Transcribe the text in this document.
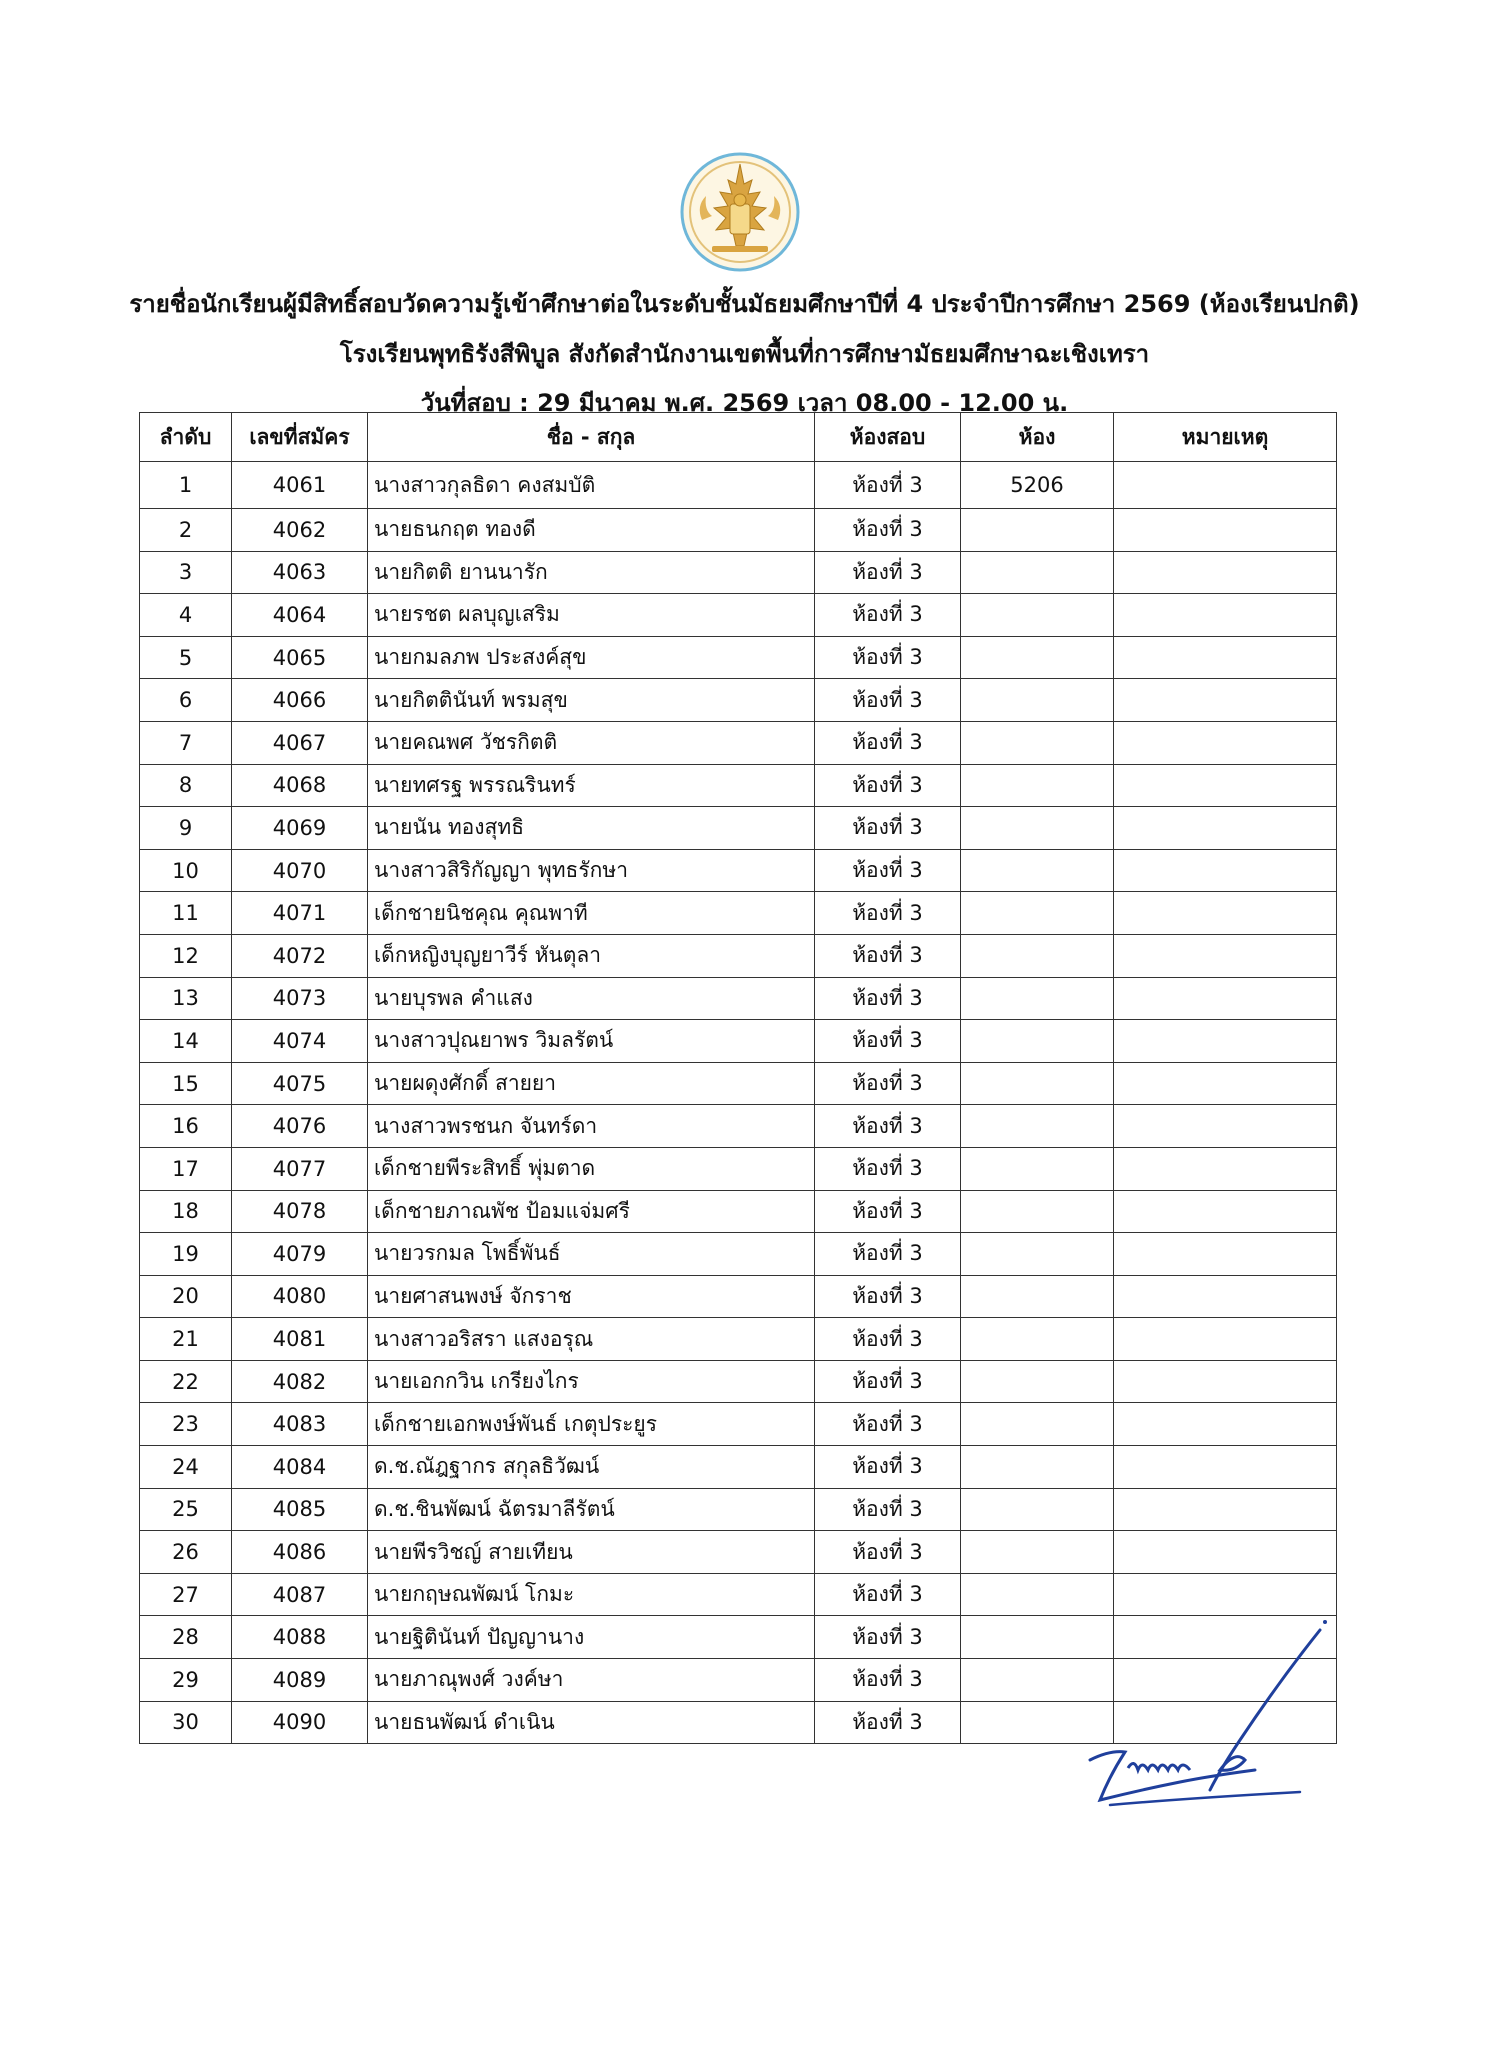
รายชื่อนักเรียนผู้มีสิทธิ์สอบวัดความรู้เข้าศึกษาต่อในระดับชั้นมัธยมศึกษาปีที่ 4 ประจำปีการศึกษา 2569 (ห้องเรียนปกติ)
โรงเรียนพุทธิรังสีพิบูล สังกัดสำนักงานเขตพื้นที่การศึกษามัธยมศึกษาฉะเชิงเทรา
วันที่สอบ : 29 มีนาคม พ.ศ. 2569 เวลา 08.00 - 12.00 น.
ลำดับ	เลขที่สมัคร	ชื่อ - สกุล	ห้องสอบ	ห้อง	หมายเหตุ
1	4061	นางสาวกุลธิดา คงสมบัติ	ห้องที่ 3	5206	
2	4062	นายธนกฤต ทองดี	ห้องที่ 3		
3	4063	นายกิตติ ยานนารัก	ห้องที่ 3		
4	4064	นายรชต ผลบุญเสริม	ห้องที่ 3		
5	4065	นายกมลภพ ประสงค์สุข	ห้องที่ 3		
6	4066	นายกิตตินันท์ พรมสุข	ห้องที่ 3		
7	4067	นายคณพศ วัชรกิตติ	ห้องที่ 3		
8	4068	นายทศรฐ พรรณรินทร์	ห้องที่ 3		
9	4069	นายนัน ทองสุทธิ	ห้องที่ 3		
10	4070	นางสาวสิริกัญญา พุทธรักษา	ห้องที่ 3		
11	4071	เด็กชายนิชคุณ คุณพาที	ห้องที่ 3		
12	4072	เด็กหญิงบุญยาวีร์ หันตุลา	ห้องที่ 3		
13	4073	นายบุรพล คำแสง	ห้องที่ 3		
14	4074	นางสาวปุณยาพร วิมลรัตน์	ห้องที่ 3		
15	4075	นายผดุงศักดิ์ สายยา	ห้องที่ 3		
16	4076	นางสาวพรชนก จันทร์ดา	ห้องที่ 3		
17	4077	เด็กชายพีระสิทธิ์ พุ่มตาด	ห้องที่ 3		
18	4078	เด็กชายภาณพัช ป้อมแจ่มศรี	ห้องที่ 3		
19	4079	นายวรกมล โพธิ์พันธ์	ห้องที่ 3		
20	4080	นายศาสนพงษ์ จักราช	ห้องที่ 3		
21	4081	นางสาวอริสรา แสงอรุณ	ห้องที่ 3		
22	4082	นายเอกกวิน เกรียงไกร	ห้องที่ 3		
23	4083	เด็กชายเอกพงษ์พันธ์ เกตุประยูร	ห้องที่ 3		
24	4084	ด.ช.ณัฎฐากร สกุลธิวัฒน์	ห้องที่ 3		
25	4085	ด.ช.ชินพัฒน์ ฉัตรมาลีรัตน์	ห้องที่ 3		
26	4086	นายพีรวิชญ์ สายเทียน	ห้องที่ 3		
27	4087	นายกฤษณพัฒน์ โกมะ	ห้องที่ 3		
28	4088	นายฐิตินันท์ ปัญญานาง	ห้องที่ 3		
29	4089	นายภาณุพงศ์ วงค์ษา	ห้องที่ 3		
30	4090	นายธนพัฒน์ ดำเนิน	ห้องที่ 3		
